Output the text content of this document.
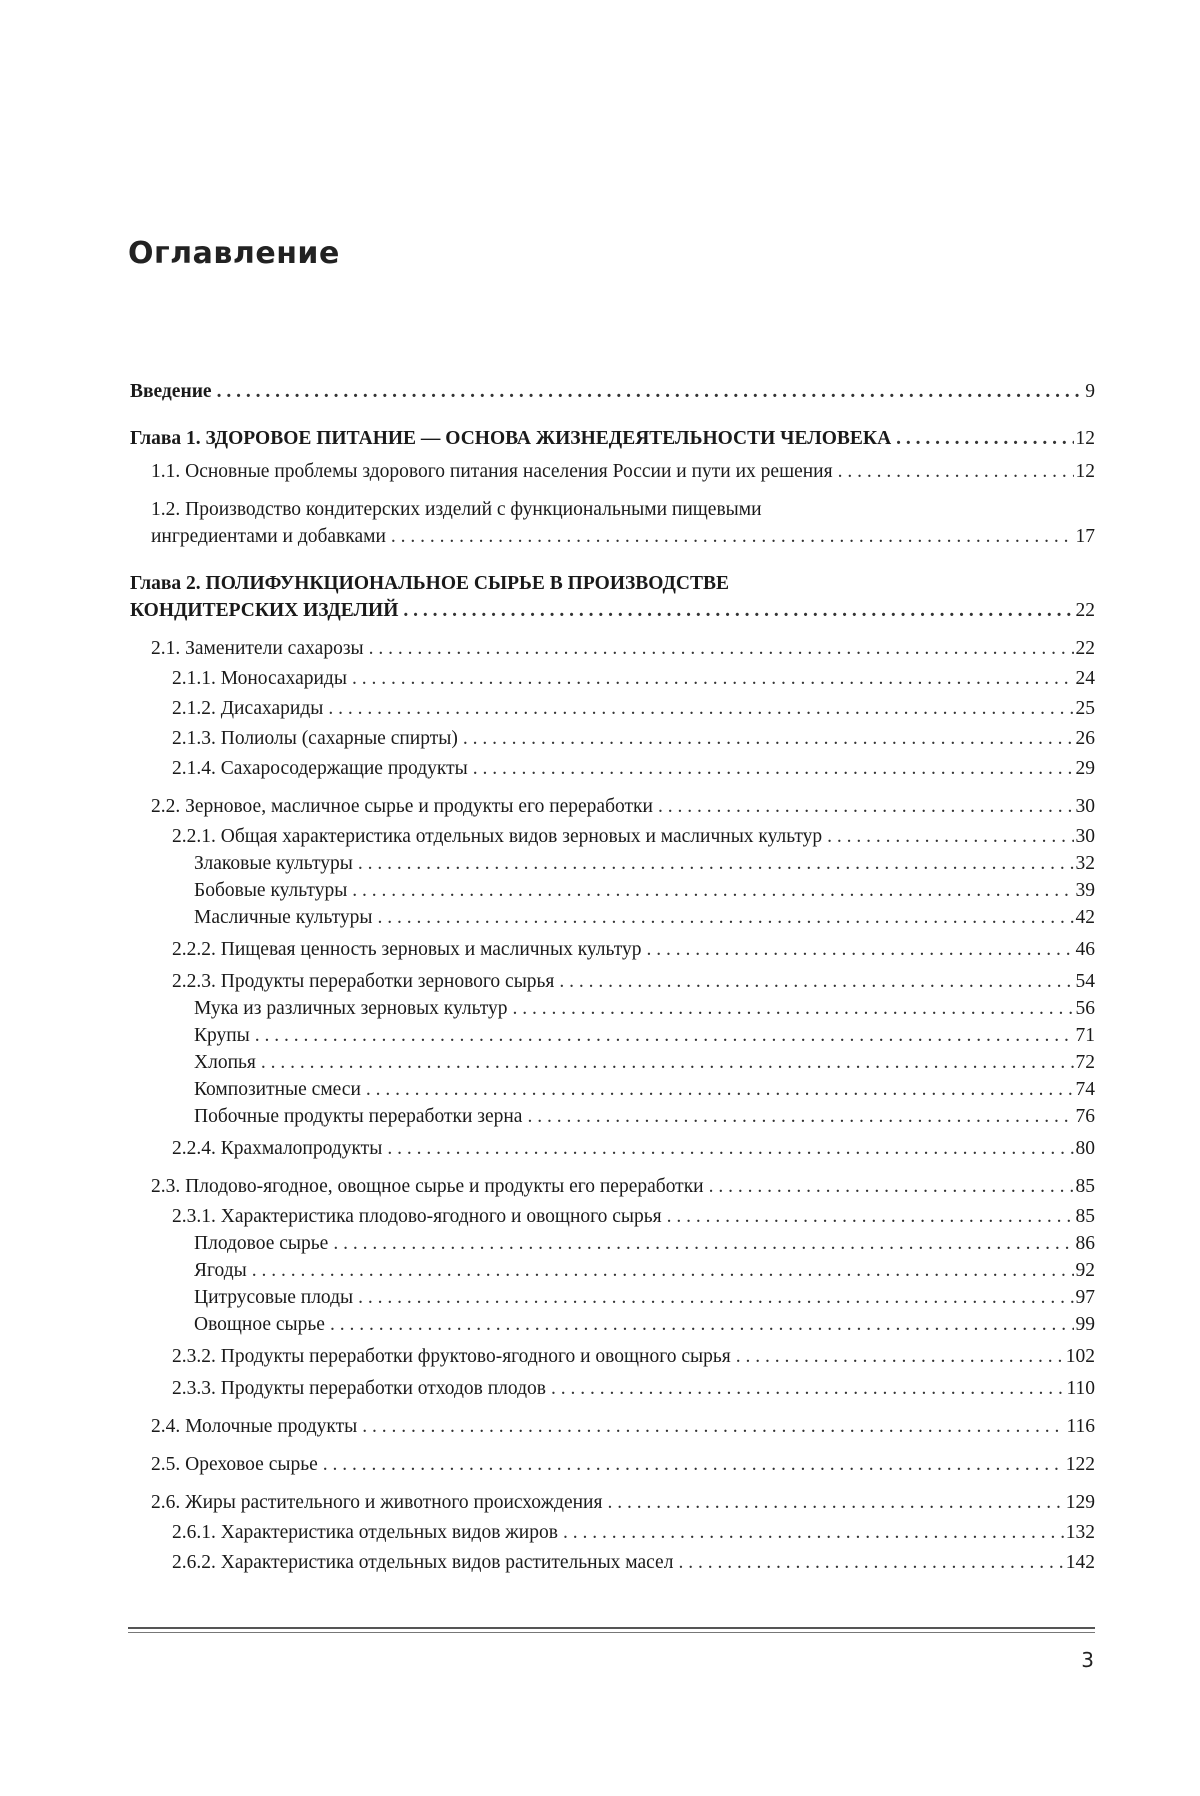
Оглавление
Введение . . .	9
Глава 1. ЗДОРОВОЕ ПИТАНИЕ — ОСНОВА ЖИЗНЕДЕЯТЕЛЬНОСТИ ЧЕЛОВЕКА . . .	12
1.1. Основные проблемы здорового питания населения России и пути их решения . . .	12
1.2. Производство кондитерских изделий с функциональными пищевыми
ингредиентами и добавками . . .	17
Глава 2. ПОЛИФУНКЦИОНАЛЬНОЕ СЫРЬЕ В ПРОИЗВОДСТВЕ
КОНДИТЕРСКИХ ИЗДЕЛИЙ . . .	22
2.1. Заменители сахарозы . . .	22
2.1.1. Моносахариды . . .	24
2.1.2. Дисахариды . . .	25
2.1.3. Полиолы (сахарные спирты) . . .	26
2.1.4. Сахаросодержащие продукты . . .	29
2.2. Зерновое, масличное сырье и продукты его переработки . . .	30
2.2.1. Общая характеристика отдельных видов зерновых и масличных культур . . .	30
Злаковые культуры . . .	32
Бобовые культуры . . .	39
Масличные культуры . . .	42
2.2.2. Пищевая ценность зерновых и масличных культур . . .	46
2.2.3. Продукты переработки зернового сырья . . .	54
Мука из различных зерновых культур . . .	56
Крупы . . .	71
Хлопья . . .	72
Композитные смеси . . .	74
Побочные продукты переработки зерна . . .	76
2.2.4. Крахмалопродукты . . .	80
2.3. Плодово-ягодное, овощное сырье и продукты его переработки . . .	85
2.3.1. Характеристика плодово-ягодного и овощного сырья . . .	85
Плодовое сырье . . .	86
Ягоды . . .	92
Цитрусовые плоды . . .	97
Овощное сырье . . .	99
2.3.2. Продукты переработки фруктово-ягодного и овощного сырья . . .	102
2.3.3. Продукты переработки отходов плодов . . .	110
2.4. Молочные продукты . . .	116
2.5. Ореховое сырье . . .	122
2.6. Жиры растительного и животного происхождения . . .	129
2.6.1. Характеристика отдельных видов жиров . . .	132
2.6.2. Характеристика отдельных видов растительных масел . . .	142
3
